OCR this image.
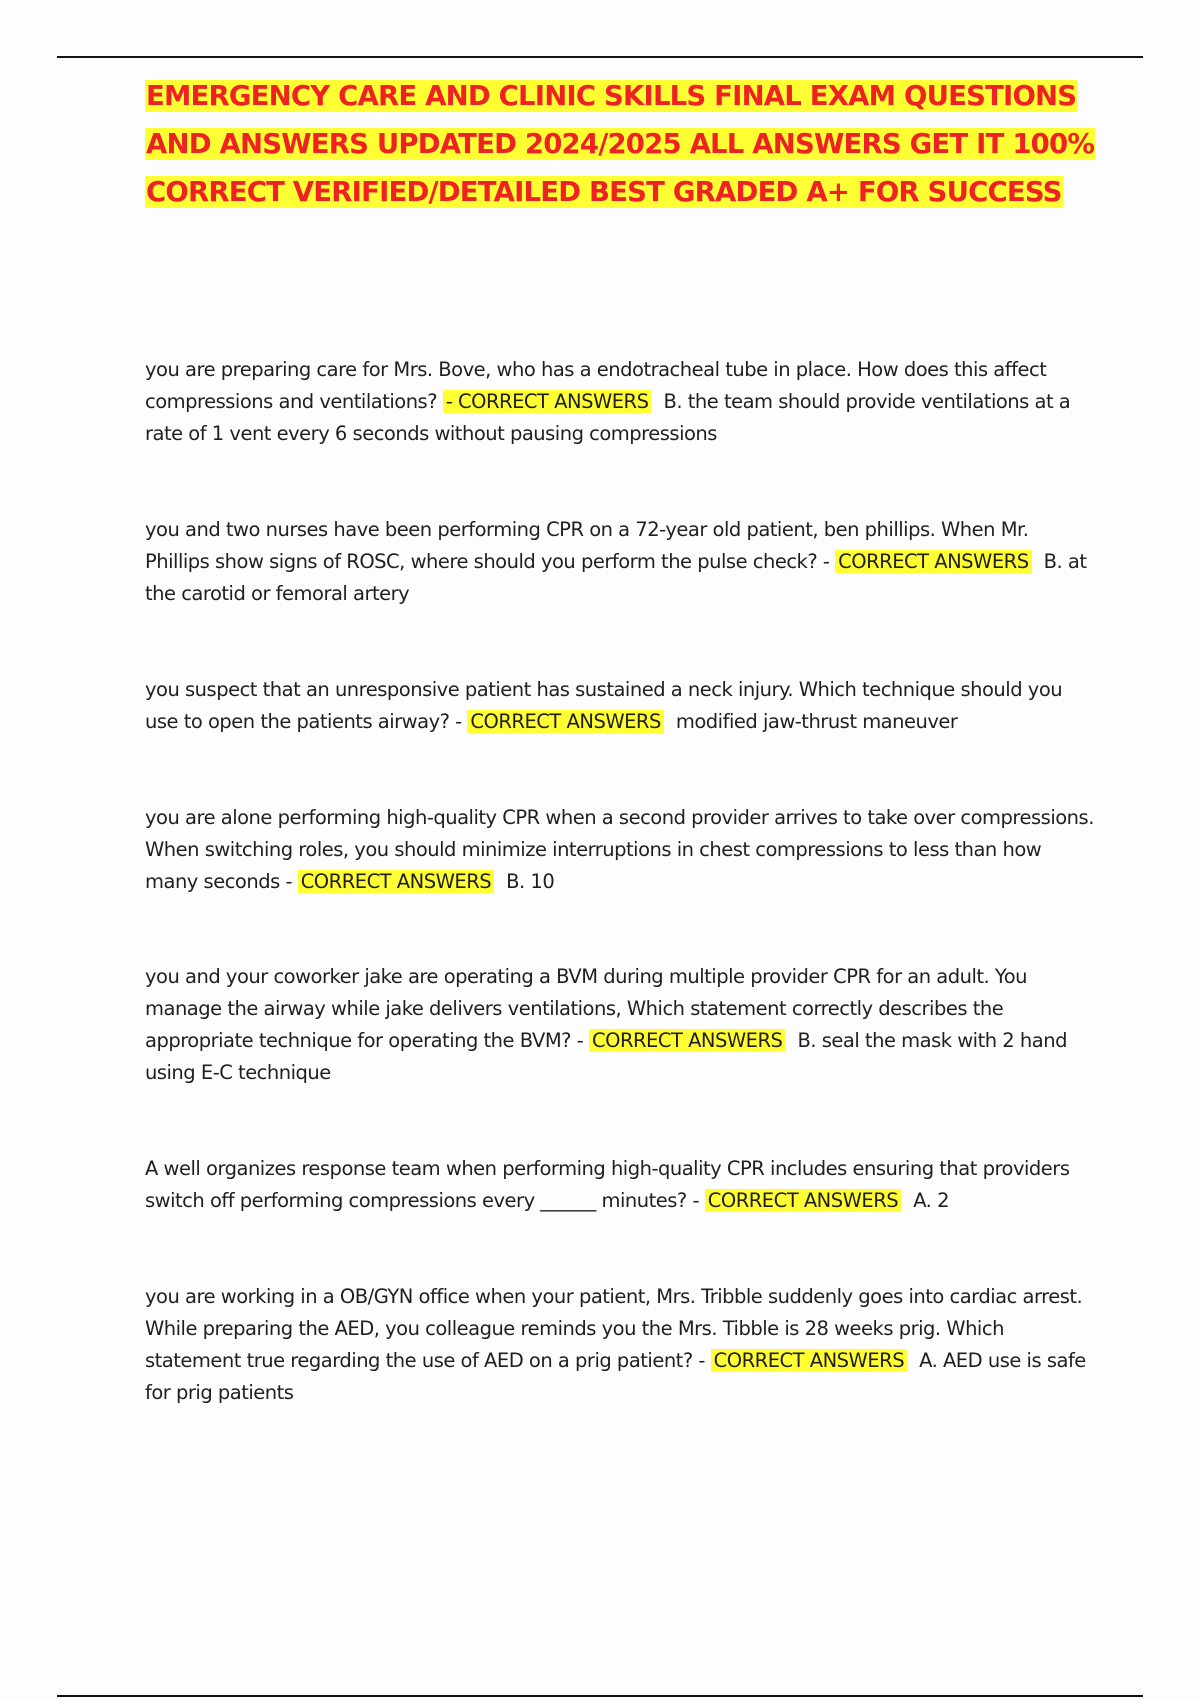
EMERGENCY CARE AND CLINIC SKILLS FINAL EXAM QUESTIONS AND ANSWERS UPDATED 2024/2025 ALL ANSWERS GET IT 100% CORRECT VERIFIED/DETAILED BEST GRADED A+ FOR SUCCESS

you are preparing care for Mrs. Bove, who has a endotracheal tube in place. How does this affect compressions and ventilations? - CORRECT ANSWERS B. the team should provide ventilations at a rate of 1 vent every 6 seconds without pausing compressions

you and two nurses have been performing CPR on a 72-year old patient, ben phillips. When Mr. Phillips show signs of ROSC, where should you perform the pulse check? - CORRECT ANSWERS B. at the carotid or femoral artery

you suspect that an unresponsive patient has sustained a neck injury. Which technique should you use to open the patients airway? - CORRECT ANSWERS modified jaw-thrust maneuver

you are alone performing high-quality CPR when a second provider arrives to take over compressions. When switching roles, you should minimize interruptions in chest compressions to less than how many seconds - CORRECT ANSWERS B. 10

you and your coworker jake are operating a BVM during multiple provider CPR for an adult. You manage the airway while jake delivers ventilations, Which statement correctly describes the appropriate technique for operating the BVM? - CORRECT ANSWERS B. seal the mask with 2 hand using E-C technique

A well organizes response team when performing high-quality CPR includes ensuring that providers switch off performing compressions every ______ minutes? - CORRECT ANSWERS A. 2

you are working in a OB/GYN office when your patient, Mrs. Tribble suddenly goes into cardiac arrest. While preparing the AED, you colleague reminds you the Mrs. Tibble is 28 weeks prig. Which statement true regarding the use of AED on a prig patient? - CORRECT ANSWERS A. AED use is safe for prig patients
